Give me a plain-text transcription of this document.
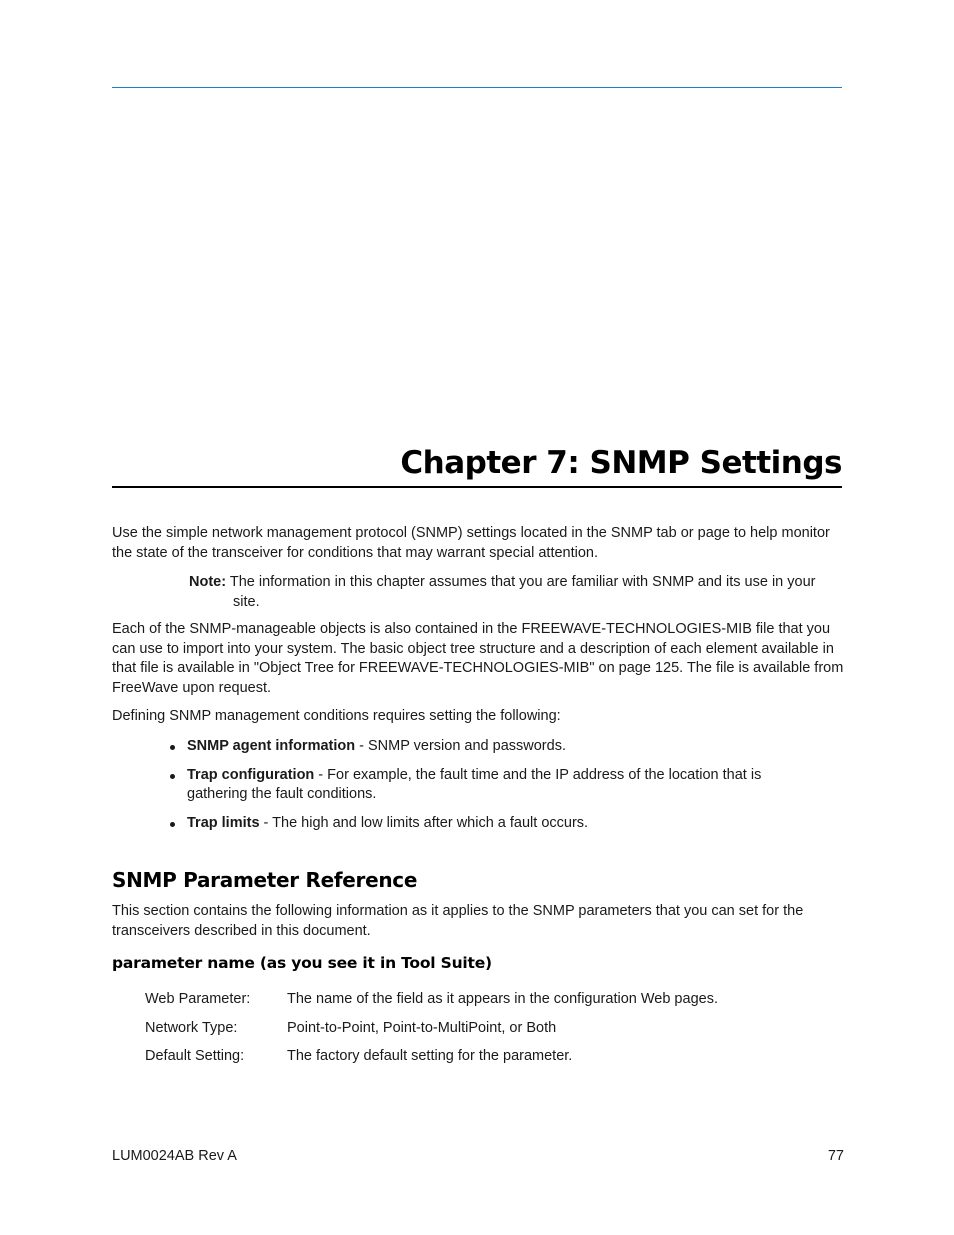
Chapter 7: SNMP Settings

Use the simple network management protocol (SNMP) settings located in the SNMP tab or page to help monitor the state of the transceiver for conditions that may warrant special attention.

Note: The information in this chapter assumes that you are familiar with SNMP and its use in your site.

Each of the SNMP-manageable objects is also contained in the FREEWAVE-TECHNOLOGIES-MIB file that you can use to import into your system. The basic object tree structure and a description of each element available in that file is available in "Object Tree for FREEWAVE-TECHNOLOGIES-MIB" on page 125. The file is available from FreeWave upon request.

Defining SNMP management conditions requires setting the following:

SNMP agent information - SNMP version and passwords.
Trap configuration - For example, the fault time and the IP address of the location that is gathering the fault conditions.
Trap limits - The high and low limits after which a fault occurs.
SNMP Parameter Reference

This section contains the following information as it applies to the SNMP parameters that you can set for the transceivers described in this document.

parameter name (as you see it in Tool Suite)
Web Parameter:	The name of the field as it appears in the configuration Web pages.
Network Type:	Point-to-Point, Point-to-MultiPoint, or Both
Default Setting:	The factory default setting for the parameter.
LUM0024AB Rev A	77
